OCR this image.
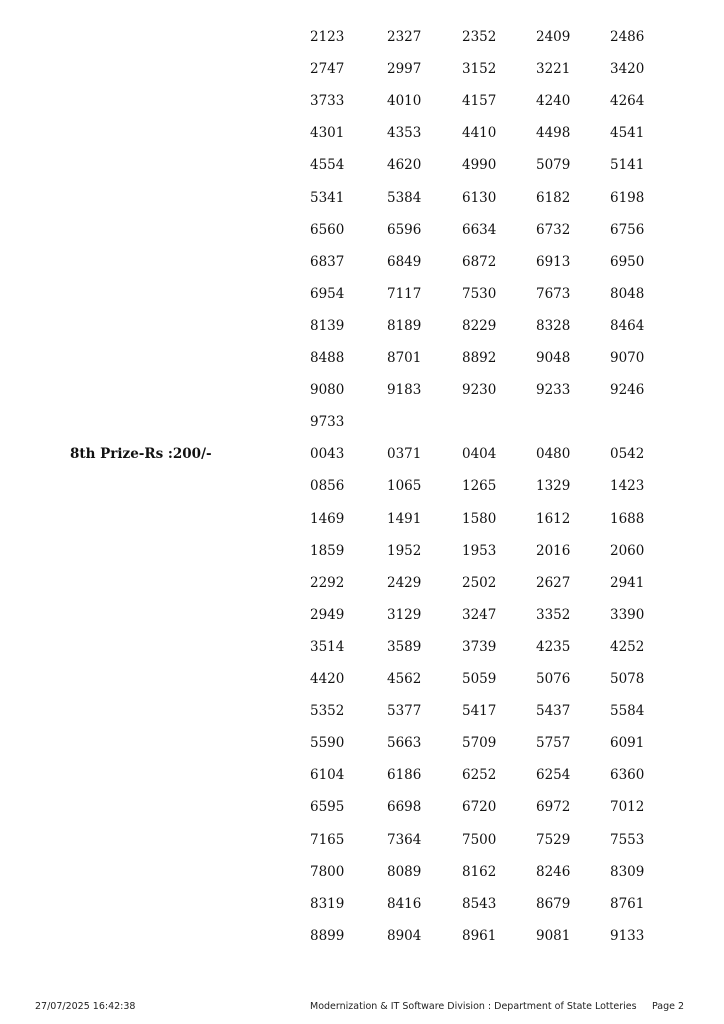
2123	2327	2352	2409	2486
2747	2997	3152	3221	3420
3733	4010	4157	4240	4264
4301	4353	4410	4498	4541
4554	4620	4990	5079	5141
5341	5384	6130	6182	6198
6560	6596	6634	6732	6756
6837	6849	6872	6913	6950
6954	7117	7530	7673	8048
8139	8189	8229	8328	8464
8488	8701	8892	9048	9070
9080	9183	9230	9233	9246
9733
8th Prize-Rs :200/-	0043	0371	0404	0480	0542
0856	1065	1265	1329	1423
1469	1491	1580	1612	1688
1859	1952	1953	2016	2060
2292	2429	2502	2627	2941
2949	3129	3247	3352	3390
3514	3589	3739	4235	4252
4420	4562	5059	5076	5078
5352	5377	5417	5437	5584
5590	5663	5709	5757	6091
6104	6186	6252	6254	6360
6595	6698	6720	6972	7012
7165	7364	7500	7529	7553
7800	8089	8162	8246	8309
8319	8416	8543	8679	8761
8899	8904	8961	9081	9133
27/07/2025 16:42:38	Modernization & IT Software Division : Department of State Lotteries Page 2
